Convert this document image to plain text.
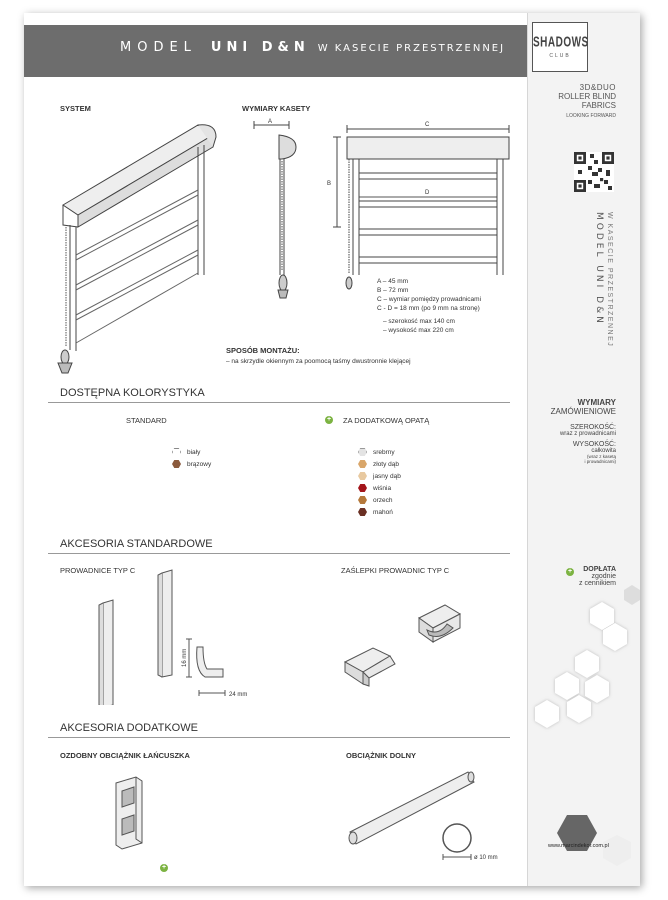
MODEL UNI D&N W KASECIE PRZESTRZENNEJ	SHADOWS
CLUB
3D&DUO
ROLLER BLIND
FABRICS
LOOKING FORWARD
MODEL UNI D&N W KASECIE PRZESTRZENNEJ
WYMIARY
ZAMÓWIENIOWE
SZEROKOŚĆ:
wraz z prowadnicami
WYSOKOŚĆ:
całkowita
(wraz z kasetą
i prowadnicami)
+	DOPŁATA
zgodnie
z cennikiem
www.marcindekor.com.pl
SYSTEM	WYMIARY KASETY
A	C
B
D
A – 45 mm
B – 72 mm
C – wymiar pomiędzy prowadnicami
C - D = 18 mm (po 9 mm na stronę)
– szerokość max 140 cm
– wysokość max 220 cm
SPOSÓB MONTAŻU:
– na skrzydle okiennym za poomocą taśmy dwustronnie klejącej
DOSTĘPNA KOLORYSTYKA
STANDARD	+ ZA DODATKOWĄ OPATĄ
biały
brązowy
srebrny
złoty dąb
jasny dąb
wiśnia
orzech
mahoń
AKCESORIA STANDARDOWE
PROWADNICE TYP C	ZAŚLEPKI PROWADNIC TYP C
16 mm
24 mm
AKCESORIA DODATKOWE
OZDOBNY OBCIĄŻNIK ŁAŃCUSZKA	OBCIĄŻNIK DOLNY
+
ø 10 mm
